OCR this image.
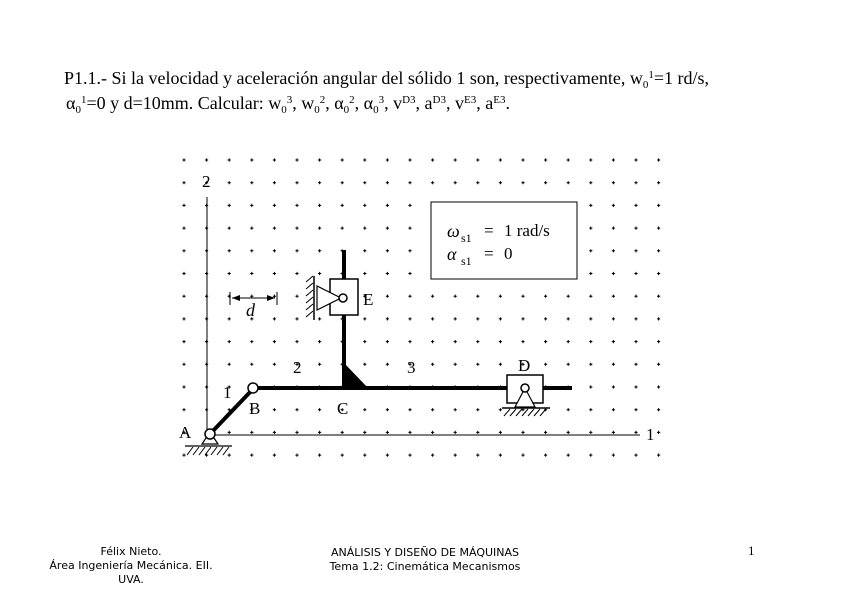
P1.1.- Si la velocidad y aceleración angular del sólido 1 son, respectivamente, $w_0^1=1$ rd/s,
$\alpha_0^1=0$ y d=10mm. Calcular: $w_0^3$, $w_0^2$, $\alpha_0^2$, $\alpha_0^3$, $v^{D3}$, $a^{D3}$, $v^{E3}$, $a^{E3}$.
1
2
ω s1 = 1 rad/s
α s1 = 0
d
A
B	C
D
E
1
2	3
Félix Nieto.
Área Ingeniería Mecánica. EII. UVA.
ANÁLISIS Y DISEÑO DE MÁQUINAS
Tema 1.2: Cinemática Mecanismos
1
